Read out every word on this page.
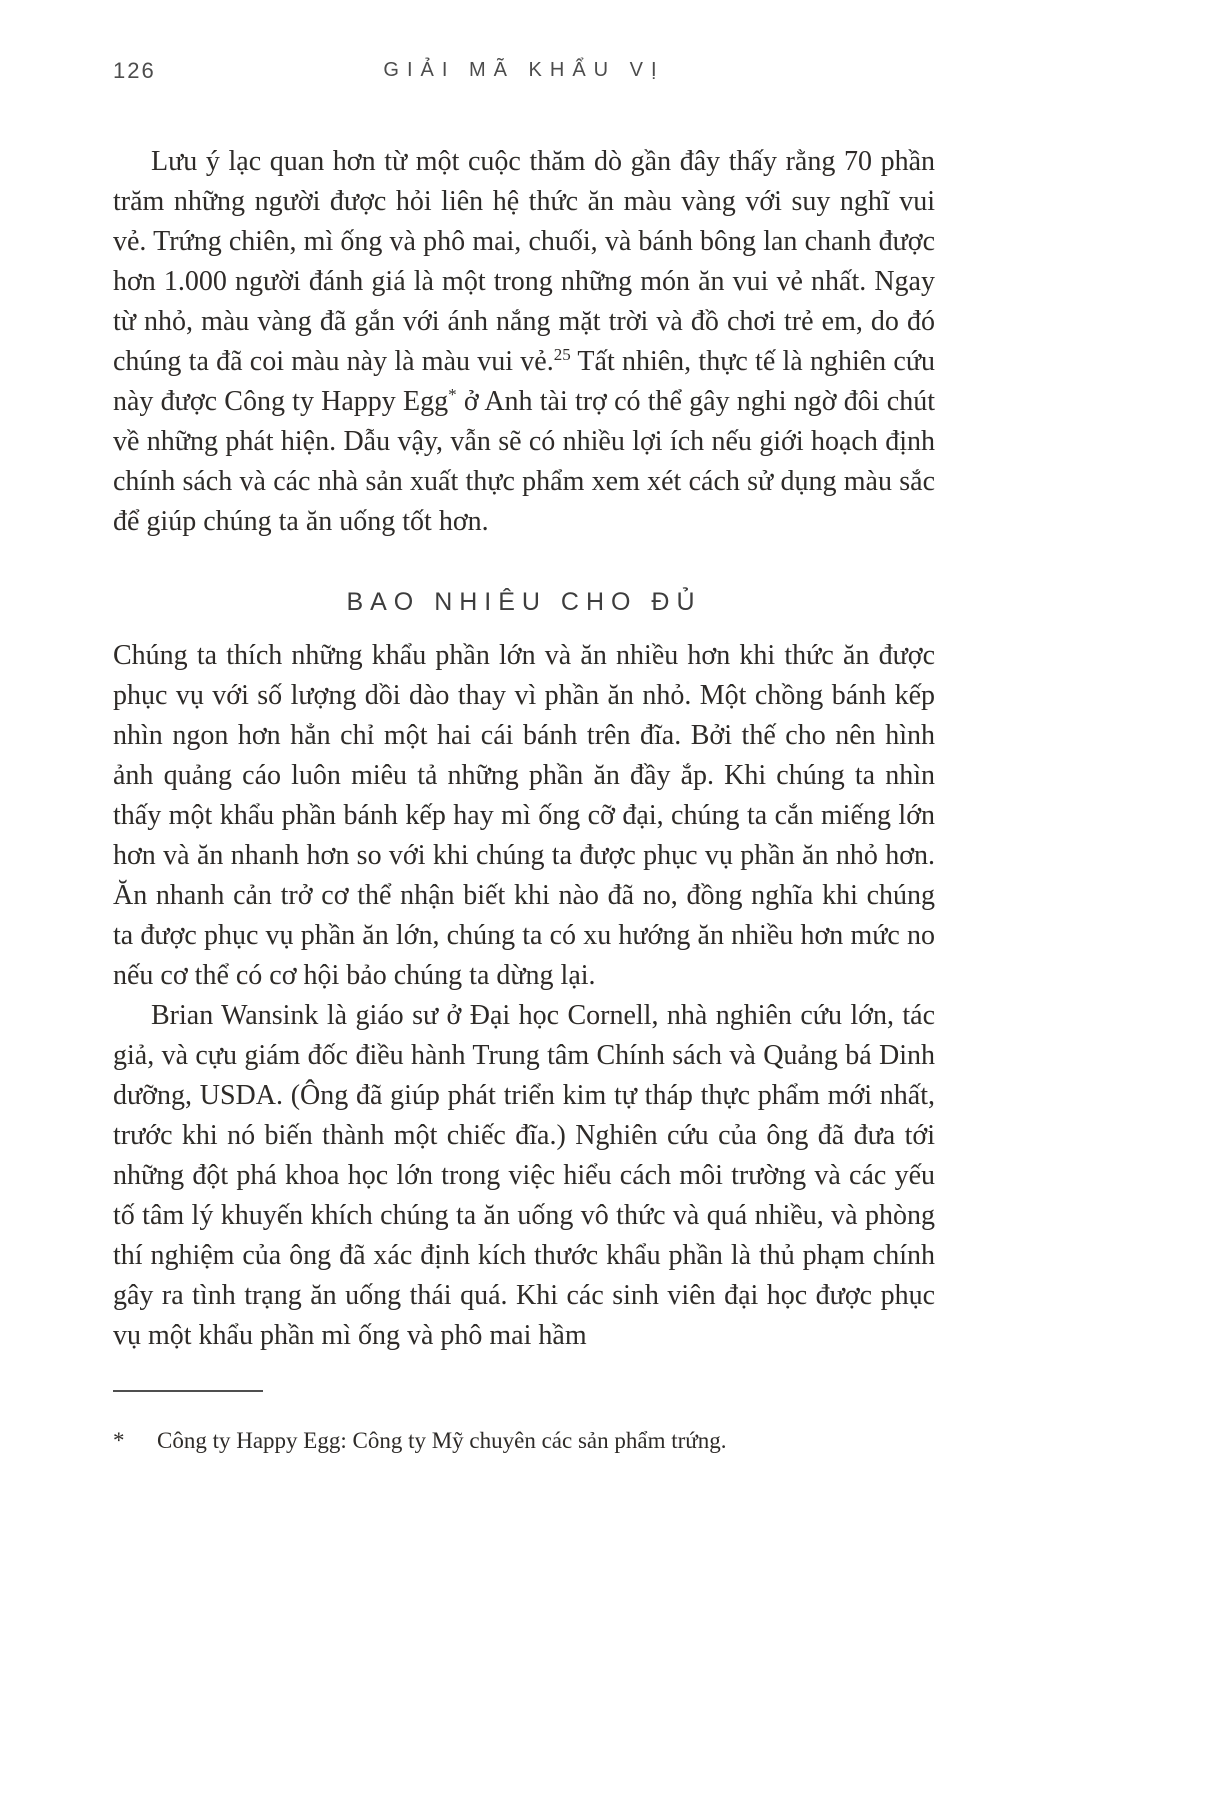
126	GIẢI MÃ KHẨU VỊ

Lưu ý lạc quan hơn từ một cuộc thăm dò gần đây thấy rằng 70 phần trăm những người được hỏi liên hệ thức ăn màu vàng với suy nghĩ vui vẻ. Trứng chiên, mì ống và phô mai, chuối, và bánh bông lan chanh được hơn 1.000 người đánh giá là một trong những món ăn vui vẻ nhất. Ngay từ nhỏ, màu vàng đã gắn với ánh nắng mặt trời và đồ chơi trẻ em, do đó chúng ta đã coi màu này là màu vui vẻ.$^{25}$ Tất nhiên, thực tế là nghiên cứu này được Công ty Happy Egg* ở Anh tài trợ có thể gây nghi ngờ đôi chút về những phát hiện. Dẫu vậy, vẫn sẽ có nhiều lợi ích nếu giới hoạch định chính sách và các nhà sản xuất thực phẩm xem xét cách sử dụng màu sắc để giúp chúng ta ăn uống tốt hơn.

BAO NHIÊU CHO ĐỦ

Chúng ta thích những khẩu phần lớn và ăn nhiều hơn khi thức ăn được phục vụ với số lượng dồi dào thay vì phần ăn nhỏ. Một chồng bánh kếp nhìn ngon hơn hẳn chỉ một hai cái bánh trên đĩa. Bởi thế cho nên hình ảnh quảng cáo luôn miêu tả những phần ăn đầy ắp. Khi chúng ta nhìn thấy một khẩu phần bánh kếp hay mì ống cỡ đại, chúng ta cắn miếng lớn hơn và ăn nhanh hơn so với khi chúng ta được phục vụ phần ăn nhỏ hơn. Ăn nhanh cản trở cơ thể nhận biết khi nào đã no, đồng nghĩa khi chúng ta được phục vụ phần ăn lớn, chúng ta có xu hướng ăn nhiều hơn mức no nếu cơ thể có cơ hội bảo chúng ta dừng lại.

Brian Wansink là giáo sư ở Đại học Cornell, nhà nghiên cứu lớn, tác giả, và cựu giám đốc điều hành Trung tâm Chính sách và Quảng bá Dinh dưỡng, USDA. (Ông đã giúp phát triển kim tự tháp thực phẩm mới nhất, trước khi nó biến thành một chiếc đĩa.) Nghiên cứu của ông đã đưa tới những đột phá khoa học lớn trong việc hiểu cách môi trường và các yếu tố tâm lý khuyến khích chúng ta ăn uống vô thức và quá nhiều, và phòng thí nghiệm của ông đã xác định kích thước khẩu phần là thủ phạm chính gây ra tình trạng ăn uống thái quá. Khi các sinh viên đại học được phục vụ một khẩu phần mì ống và phô mai hầm

*	Công ty Happy Egg: Công ty Mỹ chuyên các sản phẩm trứng.
